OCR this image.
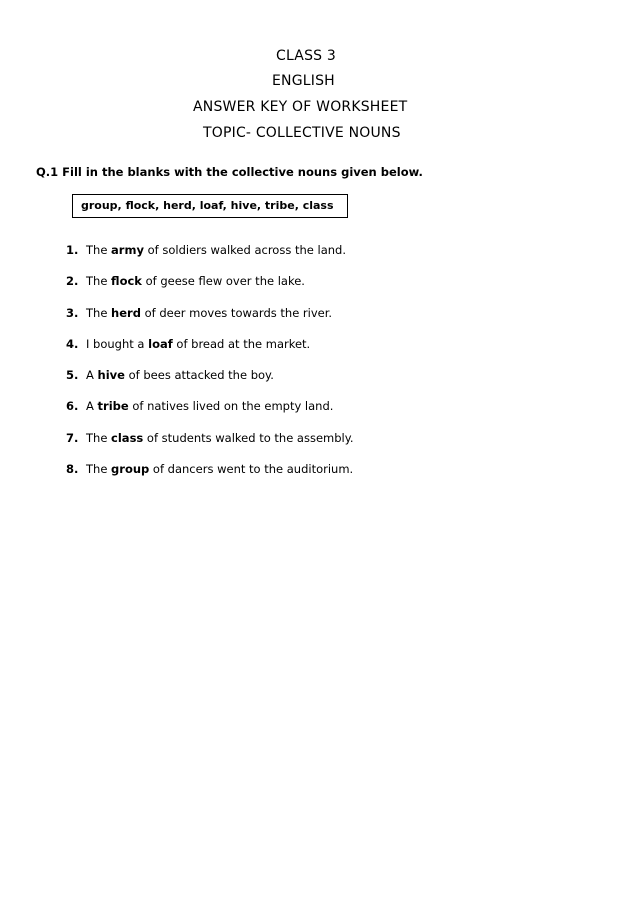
CLASS 3
ENGLISH
ANSWER KEY OF WORKSHEET
TOPIC- COLLECTIVE NOUNS
Q.1 Fill in the blanks with the collective nouns given below.
group, flock, herd, loaf, hive, tribe, class
1. The army of soldiers walked across the land.
2. The flock of geese flew over the lake.
3. The herd of deer moves towards the river.
4. I bought a loaf of bread at the market.
5. A hive of bees attacked the boy.
6. A tribe of natives lived on the empty land.
7. The class of students walked to the assembly.
8. The group of dancers went to the auditorium.
